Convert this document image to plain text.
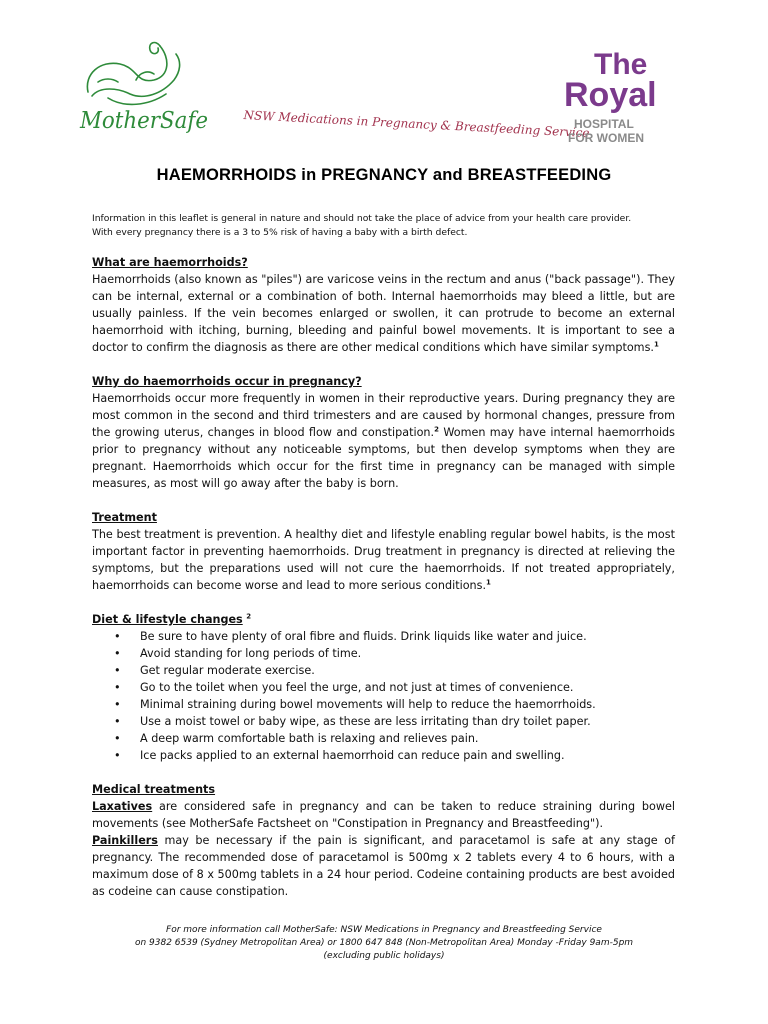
MotherSafe	NSW Medications in Pregnancy & Breastfeeding Service
The
Royal
HOSPITAL
FOR WOMEN
HAEMORRHOIDS in PREGNANCY and BREASTFEEDING

Information in this leaflet is general in nature and should not take the place of advice from your health care provider.

With every pregnancy there is a 3 to 5% risk of having a baby with a birth defect.

What are haemorrhoids?

Haemorrhoids (also known as "piles") are varicose veins in the rectum and anus ("back passage"). They can be internal, external or a combination of both. Internal haemorrhoids may bleed a little, but are usually painless. If the vein becomes enlarged or swollen, it can protrude to become an external haemorrhoid with itching, burning, bleeding and painful bowel movements. It is important to see a doctor to confirm the diagnosis as there are other medical conditions which have similar symptoms.$^1$

Why do haemorrhoids occur in pregnancy?

Haemorrhoids occur more frequently in women in their reproductive years. During pregnancy they are most common in the second and third trimesters and are caused by hormonal changes, pressure from the growing uterus, changes in blood flow and constipation.$^2$ Women may have internal haemorrhoids prior to pregnancy without any noticeable symptoms, but then develop symptoms when they are pregnant. Haemorrhoids which occur for the first time in pregnancy can be managed with simple measures, as most will go away after the baby is born.

Treatment

The best treatment is prevention. A healthy diet and lifestyle enabling regular bowel habits, is the most important factor in preventing haemorrhoids. Drug treatment in pregnancy is directed at relieving the symptoms, but the preparations used will not cure the haemorrhoids. If not treated appropriately, haemorrhoids can become worse and lead to more serious conditions.$^1$

Diet & lifestyle changes $^2$
• Be sure to have plenty of oral fibre and fluids. Drink liquids like water and juice.
• Avoid standing for long periods of time.
• Get regular moderate exercise.
• Go to the toilet when you feel the urge, and not just at times of convenience.
• Minimal straining during bowel movements will help to reduce the haemorrhoids.
• Use a moist towel or baby wipe, as these are less irritating than dry toilet paper.
• A deep warm comfortable bath is relaxing and relieves pain.
• Ice packs applied to an external haemorrhoid can reduce pain and swelling.
Medical treatments

Laxatives are considered safe in pregnancy and can be taken to reduce straining during bowel movements (see MotherSafe Factsheet on "Constipation in Pregnancy and Breastfeeding").

Painkillers may be necessary if the pain is significant, and paracetamol is safe at any stage of pregnancy. The recommended dose of paracetamol is 500mg x 2 tablets every 4 to 6 hours, with a maximum dose of 8 x 500mg tablets in a 24 hour period. Codeine containing products are best avoided as codeine can cause constipation.

For more information call MotherSafe: NSW Medications in Pregnancy and Breastfeeding Service

on 9382 6539 (Sydney Metropolitan Area) or 1800 647 848 (Non-Metropolitan Area) Monday -Friday 9am-5pm

(excluding public holidays)
